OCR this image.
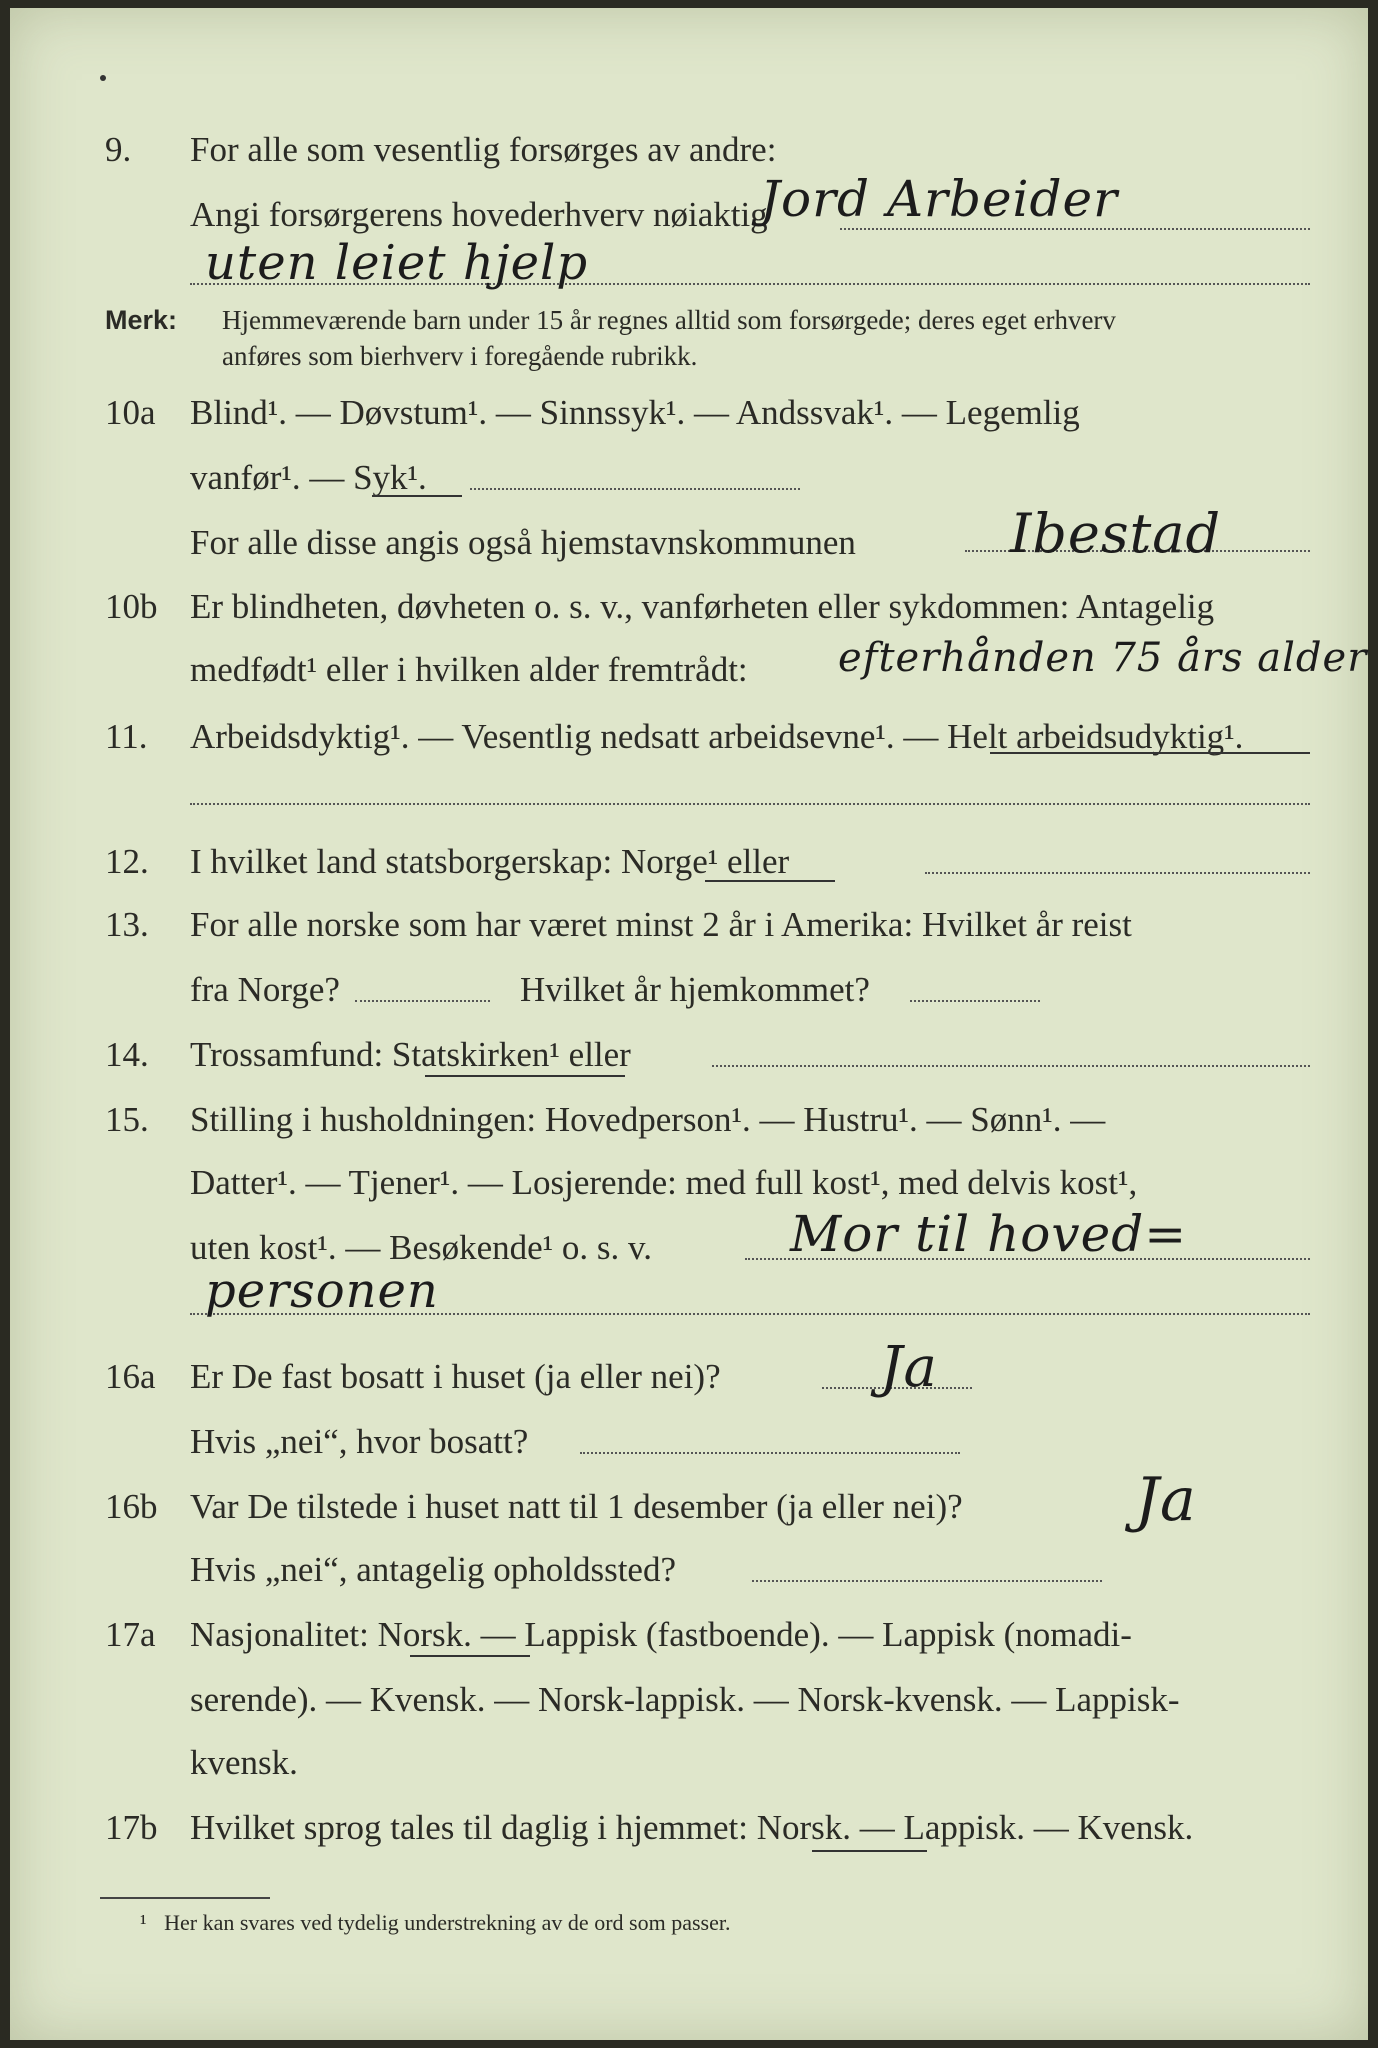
9. For alle som vesentlig forsørges av andre:
Angi forsørgerens hovederhverv nøiaktig
Jord Arbeider
uten leiet hjelp
Merk: Hjemmeværende barn under 15 år regnes alltid som forsørgede; deres eget erhverv
anføres som bierhverv i foregående rubrikk.
10a Blind¹. — Døvstum¹. — Sinnssyk¹. — Andssvak¹. — Legemlig
vanfør¹. — Syk¹.
For alle disse angis også hjemstavnskommunen	Ibestad
10b Er blindheten, døvheten o. s. v., vanførheten eller sykdommen: Antagelig
medfødt¹ eller i hvilken alder fremtrådt: efterhånden 75 års alder
11. Arbeidsdyktig¹. — Vesentlig nedsatt arbeidsevne¹. — Helt arbeidsudyktig¹.
12. I hvilket land statsborgerskap: Norge¹ eller
13. For alle norske som har været minst 2 år i Amerika: Hvilket år reist
fra Norge?	Hvilket år hjemkommet?
14. Trossamfund: Statskirken¹ eller
15. Stilling i husholdningen: Hovedperson¹. — Hustru¹. — Sønn¹. —
Datter¹. — Tjener¹. — Losjerende: med full kost¹, med delvis kost¹,
uten kost¹. — Besøkende¹ o. s. v.	Mor til hoved=
personen
16a Er De fast bosatt i huset (ja eller nei)?	Ja
Hvis „nei“, hvor bosatt?
16b Var De tilstede i huset natt til 1 desember (ja eller nei)?	Ja
Hvis „nei“, antagelig opholdssted?
17a Nasjonalitet: Norsk. — Lappisk (fastboende). — Lappisk (nomadi-
serende). — Kvensk. — Norsk-lappisk. — Norsk-kvensk. — Lappisk-
kvensk.
17b Hvilket sprog tales til daglig i hjemmet: Norsk. — Lappisk. — Kvensk.
¹ Her kan svares ved tydelig understrekning av de ord som passer.
